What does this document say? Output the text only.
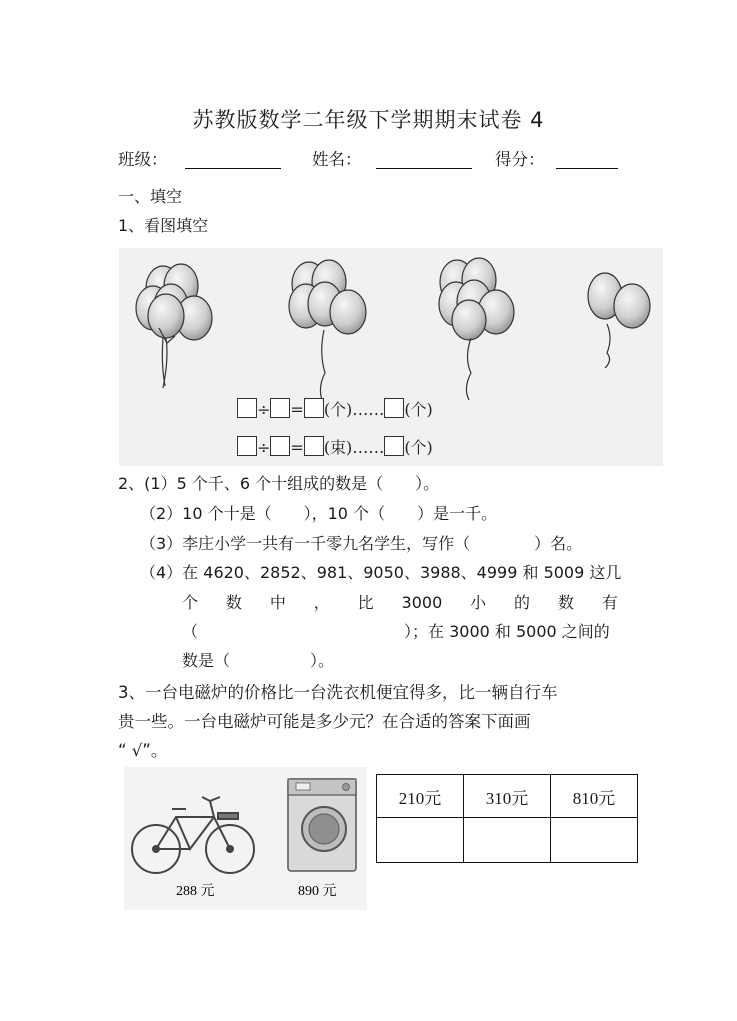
苏教版数学二年级下学期期末试卷 4
班级：	姓名：	得分：
一、填空
1、看图填空
÷ = (个)…… (个)
÷ = (束)…… (个)
2、(1）5 个千、6 个十组成的数是（　　）。
（2）10 个十是（　　），10 个（　　）是一千。
（3）李庄小学一共有一千零九名学生，写作（　　　　）名。
（4）在 4620、2852、981、9050、3988、4999 和 5009 这几
个 数 中 ， 比 3000 小 的 数 有
（	）；在 3000 和 5000 之间的
数是（　　　　　）。
3、一台电磁炉的价格比一台洗衣机便宜得多，比一辆自行车
贵一些。一台电磁炉可能是多少元？在合适的答案下面画
“ √”。
288 元	890 元
210元	310元	810元
